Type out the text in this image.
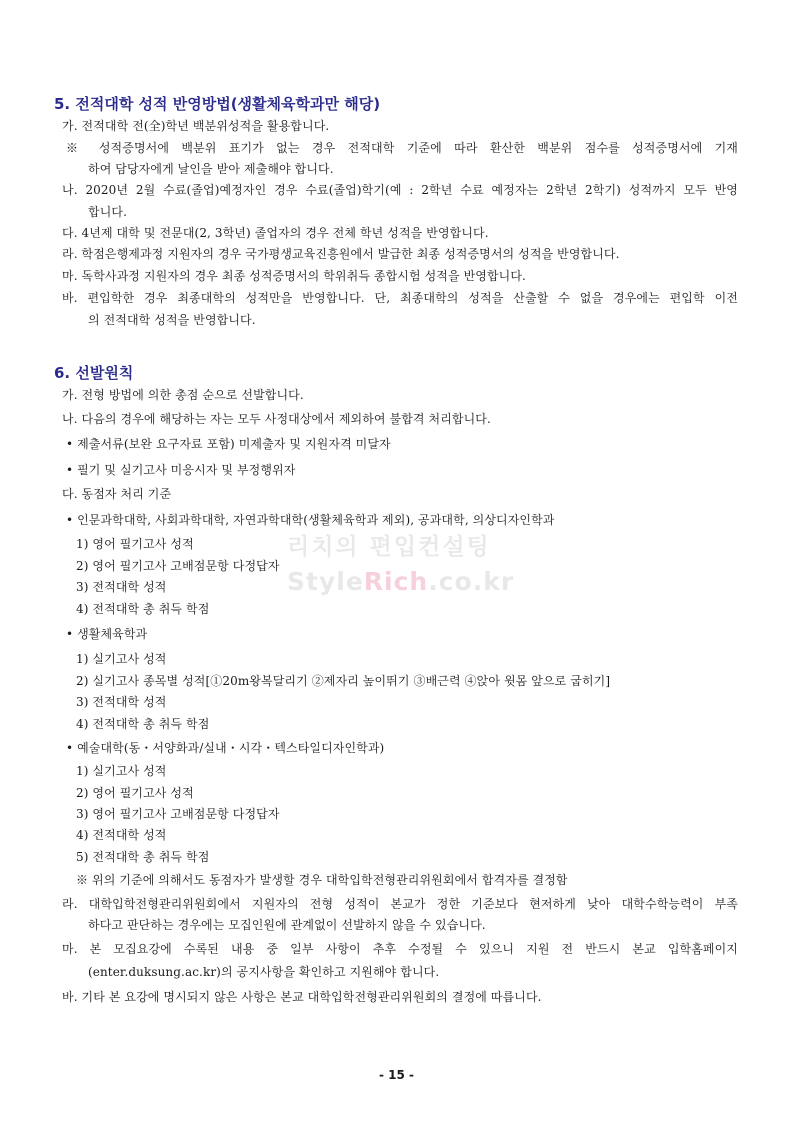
5. 전적대학 성적 반영방법(생활체육학과만 해당)
가. 전적대학 전(全)학년 백분위성적을 활용합니다.
※ 성적증명서에 백분위 표기가 없는 경우 전적대학 기준에 따라 환산한 백분위 점수를 성적증명서에 기재
하여 담당자에게 날인을 받아 제출해야 합니다.
나. 2020년 2월 수료(졸업)예정자인 경우 수료(졸업)학기(예 : 2학년 수료 예정자는 2학년 2학기) 성적까지 모두 반영
합니다.
다. 4년제 대학 및 전문대(2, 3학년) 졸업자의 경우 전체 학년 성적을 반영합니다.
라. 학점은행제과정 지원자의 경우 국가평생교육진흥원에서 발급한 최종 성적증명서의 성적을 반영합니다.
마. 독학사과정 지원자의 경우 최종 성적증명서의 학위취득 종합시험 성적을 반영합니다.
바. 편입학한 경우 최종대학의 성적만을 반영합니다. 단, 최종대학의 성적을 산출할 수 없을 경우에는 편입학 이전
의 전적대학 성적을 반영합니다.
6. 선발원칙
가. 전형 방법에 의한 총점 순으로 선발합니다.
나. 다음의 경우에 해당하는 자는 모두 사정대상에서 제외하여 불합격 처리합니다.
• 제출서류(보완 요구자료 포함) 미제출자 및 지원자격 미달자
• 필기 및 실기고사 미응시자 및 부정행위자
다. 동점자 처리 기준
• 인문과학대학, 사회과학대학, 자연과학대학(생활체육학과 제외), 공과대학, 의상디자인학과
1) 영어 필기고사 성적
2) 영어 필기고사 고배점문항 다정답자
3) 전적대학 성적
4) 전적대학 총 취득 학점
• 생활체육학과
1) 실기고사 성적
2) 실기고사 종목별 성적[①20m왕복달리기 ②제자리 높이뛰기 ③배근력 ④앉아 윗몸 앞으로 굽히기]
3) 전적대학 성적
4) 전적대학 총 취득 학점
• 예술대학(동・서양화과/실내・시각・텍스타일디자인학과)
1) 실기고사 성적
2) 영어 필기고사 성적
3) 영어 필기고사 고배점문항 다정답자
4) 전적대학 성적
5) 전적대학 총 취득 학점
※ 위의 기준에 의해서도 동점자가 발생할 경우 대학입학전형관리위원회에서 합격자를 결정함
라. 대학입학전형관리위원회에서 지원자의 전형 성적이 본교가 정한 기준보다 현저하게 낮아 대학수학능력이 부족
하다고 판단하는 경우에는 모집인원에 관계없이 선발하지 않을 수 있습니다.
마. 본 모집요강에 수록된 내용 중 일부 사항이 추후 수정될 수 있으니 지원 전 반드시 본교 입학홈페이지
(enter.duksung.ac.kr)의 공지사항을 확인하고 지원해야 합니다.
바. 기타 본 요강에 명시되지 않은 사항은 본교 대학입학전형관리위원회의 결정에 따릅니다.
리치의 편입컨설팅
StyleRich.co.kr
- 15 -
